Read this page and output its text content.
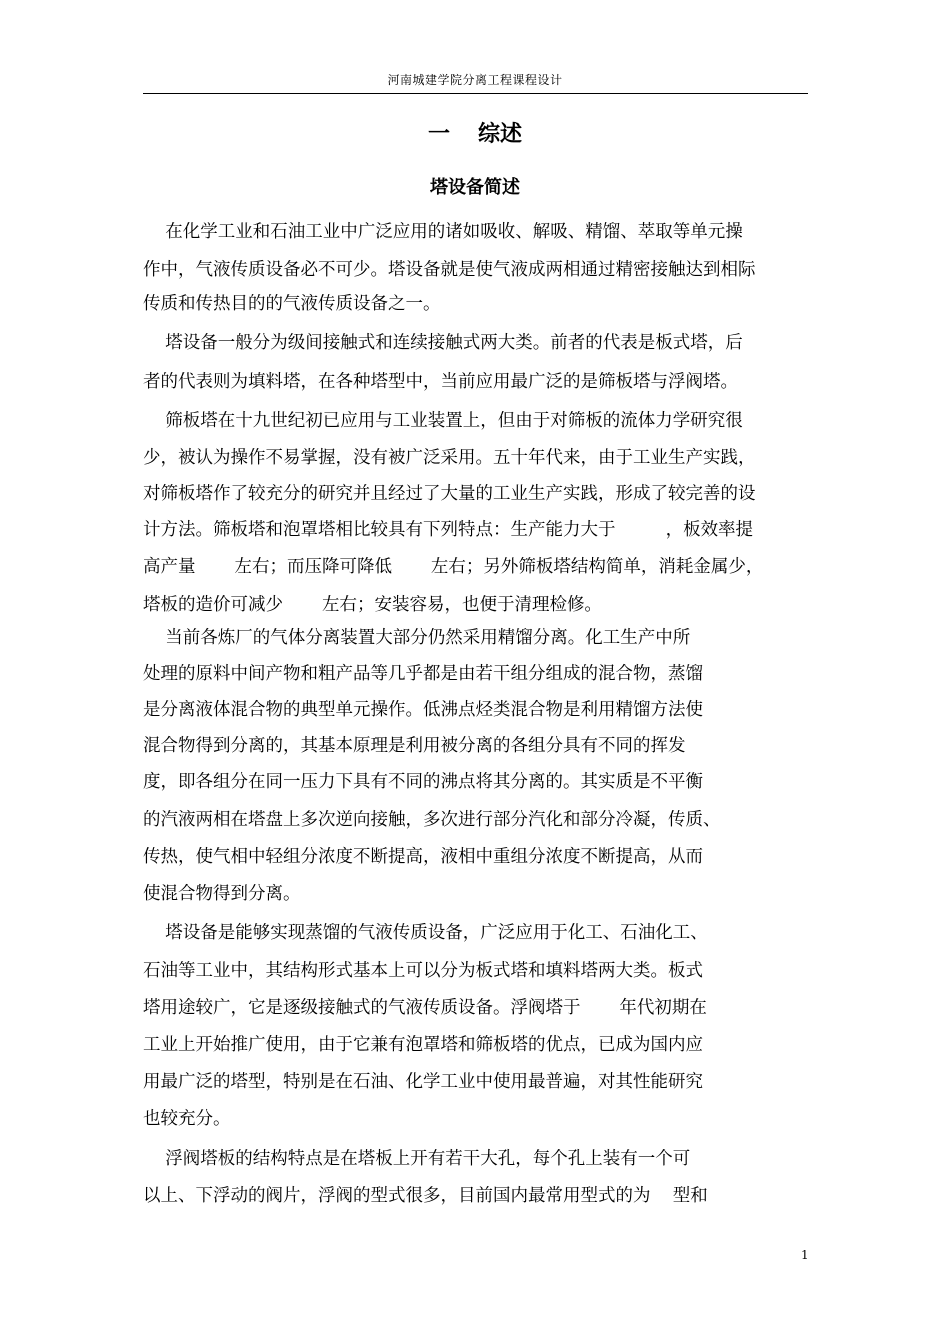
河南城建学院分离工程课程设计
一 综述
塔设备简述
在化学工业和石油工业中广泛应用的诸如吸收、解吸、精馏、萃取等单元操
作中，气液传质设备必不可少。塔设备就是使气液成两相通过精密接触达到相际
传质和传热目的的气液传质设备之一。
塔设备一般分为级间接触式和连续接触式两大类。前者的代表是板式塔，后
者的代表则为填料塔，在各种塔型中，当前应用最广泛的是筛板塔与浮阀塔。
筛板塔在十九世纪初已应用与工业装置上，但由于对筛板的流体力学研究很
少，被认为操作不易掌握，没有被广泛采用。五十年代来，由于工业生产实践，
对筛板塔作了较充分的研究并且经过了大量的工业生产实践，形成了较完善的设
计方法。筛板塔和泡罩塔相比较具有下列特点：生产能力大于         ，板效率提
高产量       左右；而压降可降低       左右；另外筛板塔结构简单，消耗金属少，
塔板的造价可减少       左右；安装容易，也便于清理检修。
当前各炼厂的气体分离装置大部分仍然采用精馏分离。化工生产中所
处理的原料中间产物和粗产品等几乎都是由若干组分组成的混合物，蒸馏
是分离液体混合物的典型单元操作。低沸点烃类混合物是利用精馏方法使
混合物得到分离的，其基本原理是利用被分离的各组分具有不同的挥发
度，即各组分在同一压力下具有不同的沸点将其分离的。其实质是不平衡
的汽液两相在塔盘上多次逆向接触，多次进行部分汽化和部分冷凝，传质、
传热，使气相中轻组分浓度不断提高，液相中重组分浓度不断提高，从而
使混合物得到分离。
塔设备是能够实现蒸馏的气液传质设备，广泛应用于化工、石油化工、
石油等工业中，其结构形式基本上可以分为板式塔和填料塔两大类。板式
塔用途较广，它是逐级接触式的气液传质设备。浮阀塔于       年代初期在
工业上开始推广使用，由于它兼有泡罩塔和筛板塔的优点，已成为国内应
用最广泛的塔型，特别是在石油、化学工业中使用最普遍，对其性能研究
也较充分。
浮阀塔板的结构特点是在塔板上开有若干大孔，每个孔上装有一个可
以上、下浮动的阀片，浮阀的型式很多，目前国内最常用型式的为    型和
1
